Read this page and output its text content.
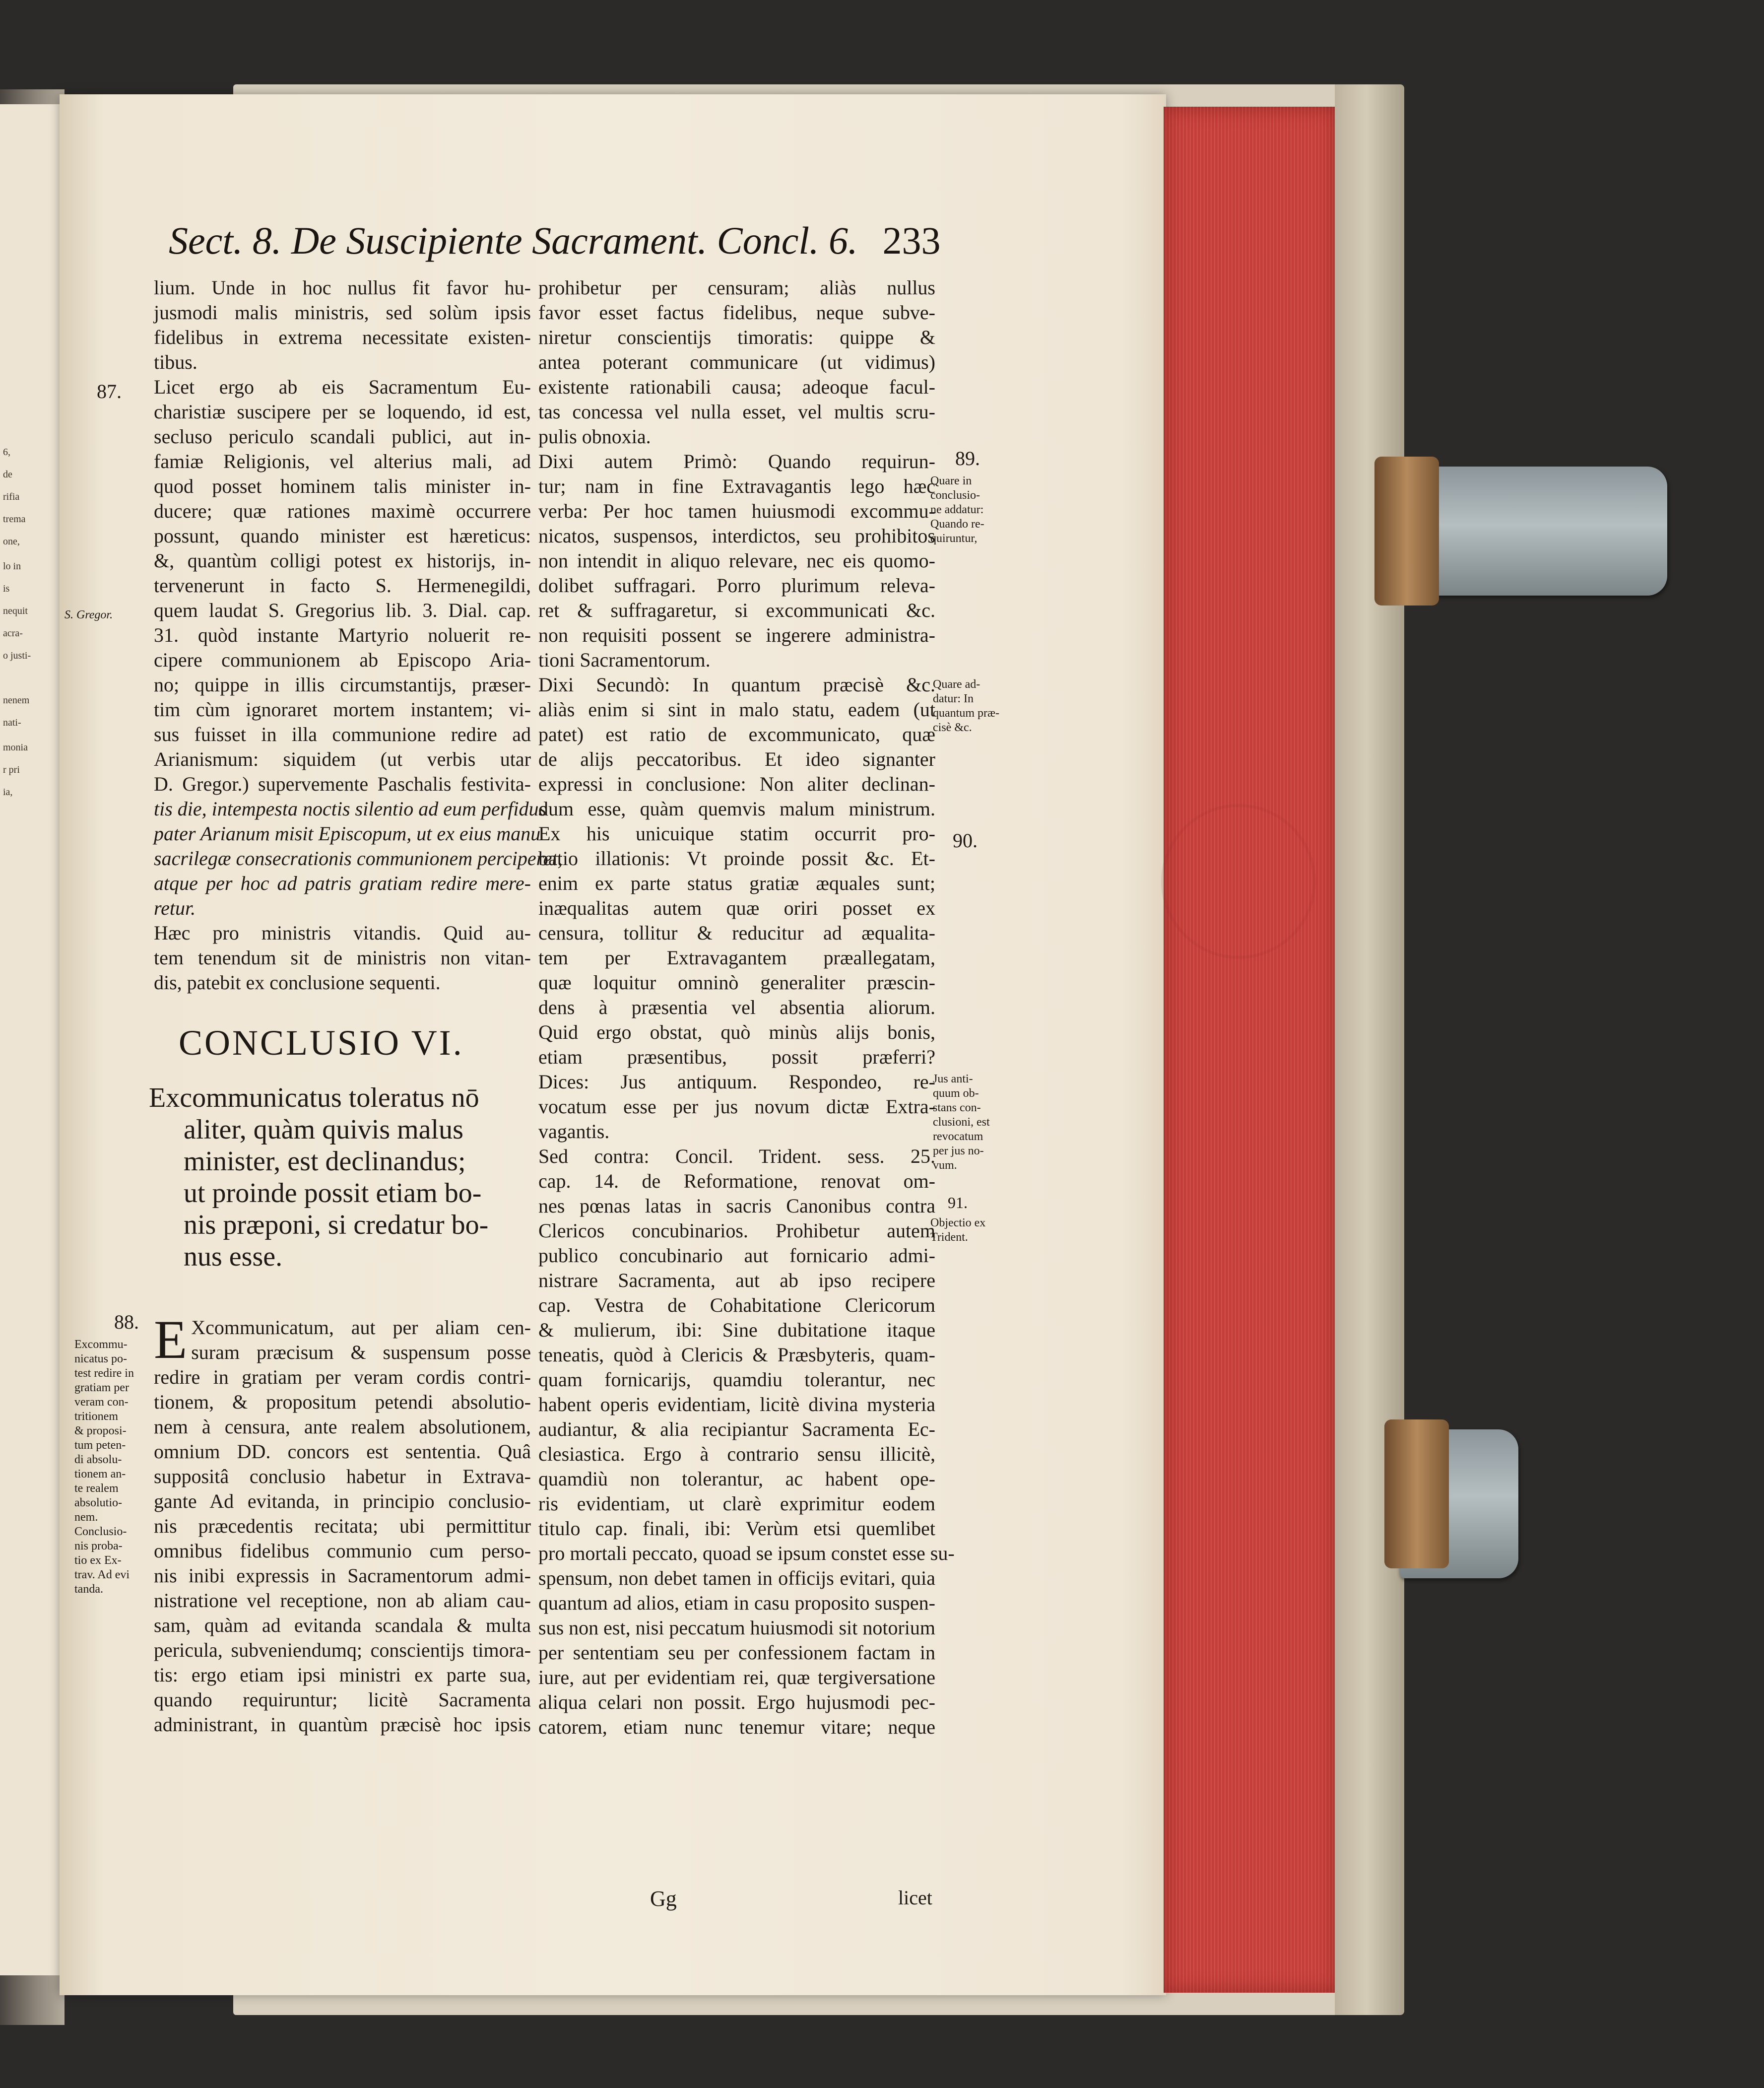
6,
de
rifia
trema
one,
lo in
is
nequit
acra-
o justi-
nenem
nati-
monia
r pri
ia,
Sect. 8. De Suscipiente Sacrament. Concl. 6. 233
lium. Unde in hoc nullus fit favor hu-
jusmodi malis ministris, sed solùm ipsis
fidelibus in extrema necessitate existen-
tibus.
Licet ergo ab eis Sacramentum Eu-
charistiæ suscipere per se loquendo, id est,
secluso periculo scandali publici, aut in-
famiæ Religionis, vel alterius mali, ad
quod posset hominem talis minister in-
ducere; quæ rationes maximè occurrere
possunt, quando minister est hæreticus:
&, quantùm colligi potest ex historijs, in-
tervenerunt in facto S. Hermenegildi,
quem laudat S. Gregorius lib. 3. Dial. cap.
31. quòd instante Martyrio noluerit re-
cipere communionem ab Episcopo Aria-
no; quippe in illis circumstantijs, præser-
tim cùm ignoraret mortem instantem; vi-
sus fuisset in illa communione redire ad
Arianismum: siquidem (ut verbis utar
D. Gregor.) supervemente Paschalis festivita-
tis die, intempesta noctis silentio ad eum perfidus
pater Arianum misit Episcopum, ut ex eius manu
sacrilegæ consecrationis communionem perciperet,
atque per hoc ad patris gratiam redire mere-
retur.
Hæc pro ministris vitandis. Quid au-
tem tenendum sit de ministris non vitan-
dis, patebit ex conclusione sequenti.
CONCLUSIO VI.
Excommunicatus toleratus nō
aliter, quàm quivis malus
minister, est declinandus;
ut proinde possit etiam bo-
nis præponi, si credatur bo-
nus esse.
E Xcommunicatum, aut per aliam cen-
suram præcisum & suspensum posse
redire in gratiam per veram cordis contri-
tionem, & propositum petendi absolutio-
nem à censura, ante realem absolutionem,
omnium DD. concors est sententia. Quâ
suppositâ conclusio habetur in Extrava-
gante Ad evitanda, in principio conclusio-
nis præcedentis recitata; ubi permittitur
omnibus fidelibus communio cum perso-
nis inibi expressis in Sacramentorum admi-
nistratione vel receptione, non ab aliam cau-
sam, quàm ad evitanda scandala & multa
pericula, subveniendumq; conscientijs timora-
tis: ergo etiam ipsi ministri ex parte sua,
quando requiruntur; licitè Sacramenta
administrant, in quantùm præcisè hoc ipsis
prohibetur per censuram; aliàs nullus
favor esset factus fidelibus, neque subve-
niretur conscientijs timoratis: quippe &
antea poterant communicare (ut vidimus)
existente rationabili causa; adeoque facul-
tas concessa vel nulla esset, vel multis scru-
pulis obnoxia.
Dixi autem Primò: Quando requirun-
tur; nam in fine Extravagantis lego hæc
verba: Per hoc tamen huiusmodi excommu-
nicatos, suspensos, interdictos, seu prohibitos
non intendit in aliquo relevare, nec eis quomo-
dolibet suffragari. Porro plurimum releva-
ret & suffragaretur, si excommunicati &c.
non requisiti possent se ingerere administra-
tioni Sacramentorum.
Dixi Secundò: In quantum præcisè &c.
aliàs enim si sint in malo statu, eadem (ut
patet) est ratio de excommunicato, quæ
de alijs peccatoribus. Et ideo signanter
expressi in conclusione: Non aliter declinan-
dum esse, quàm quemvis malum ministrum.
Ex his unicuique statim occurrit pro-
batio illationis: Vt proinde possit &c. Et-
enim ex parte status gratiæ æquales sunt;
inæqualitas autem quæ oriri posset ex
censura, tollitur & reducitur ad æqualita-
tem per Extravagantem præallegatam,
quæ loquitur omninò generaliter præscin-
dens à præsentia vel absentia aliorum.
Quid ergo obstat, quò minùs alijs bonis,
etiam præsentibus, possit præferri?
Dices: Jus antiquum. Respondeo, re-
vocatum esse per jus novum dictæ Extra-
vagantis.
Sed contra: Concil. Trident. sess. 25.
cap. 14. de Reformatione, renovat om-
nes pœnas latas in sacris Canonibus contra
Clericos concubinarios. Prohibetur autem
publico concubinario aut fornicario admi-
nistrare Sacramenta, aut ab ipso recipere
cap. Vestra de Cohabitatione Clericorum
& mulierum, ibi: Sine dubitatione itaque
teneatis, quòd à Clericis & Præsbyteris, quam-
quam fornicarijs, quamdiu tolerantur, nec
habent operis evidentiam, licitè divina mysteria
audiantur, & alia recipiantur Sacramenta Ec-
clesiastica. Ergo à contrario sensu illicitè,
quamdiù non tolerantur, ac habent ope-
ris evidentiam, ut clarè exprimitur eodem
titulo cap. finali, ibi: Verùm etsi quemlibet
pro mortali peccato, quoad se ipsum constet esse su-
spensum, non debet tamen in officijs evitari, quia
quantum ad alios, etiam in casu proposito suspen-
sus non est, nisi peccatum huiusmodi sit notorium
per sententiam seu per confessionem factam in
iure, aut per evidentiam rei, quæ tergiversatione
aliqua celari non possit. Ergo hujusmodi pec-
catorem, etiam nunc tenemur vitare; neque
87.
S. Gregor.
88.
Excommu-
nicatus po-
test redire in
gratiam per
veram con-
tritionem
& proposi-
tum peten-
di absolu-
tionem an-
te realem
absolutio-
nem.
Conclusio-
nis proba-
tio ex Ex-
trav. Ad evi
tanda.
89.
Quare in
conclusio-
ne addatur:
Quando re-
quiruntur,
Quare ad-
datur: In
quantum præ-
cisè &c.
90.
Jus anti-
quum ob-
stans con-
clusioni, est
revocatum
per jus no-
vum.
91.
Objectio ex
Trident.
Gg	licet
